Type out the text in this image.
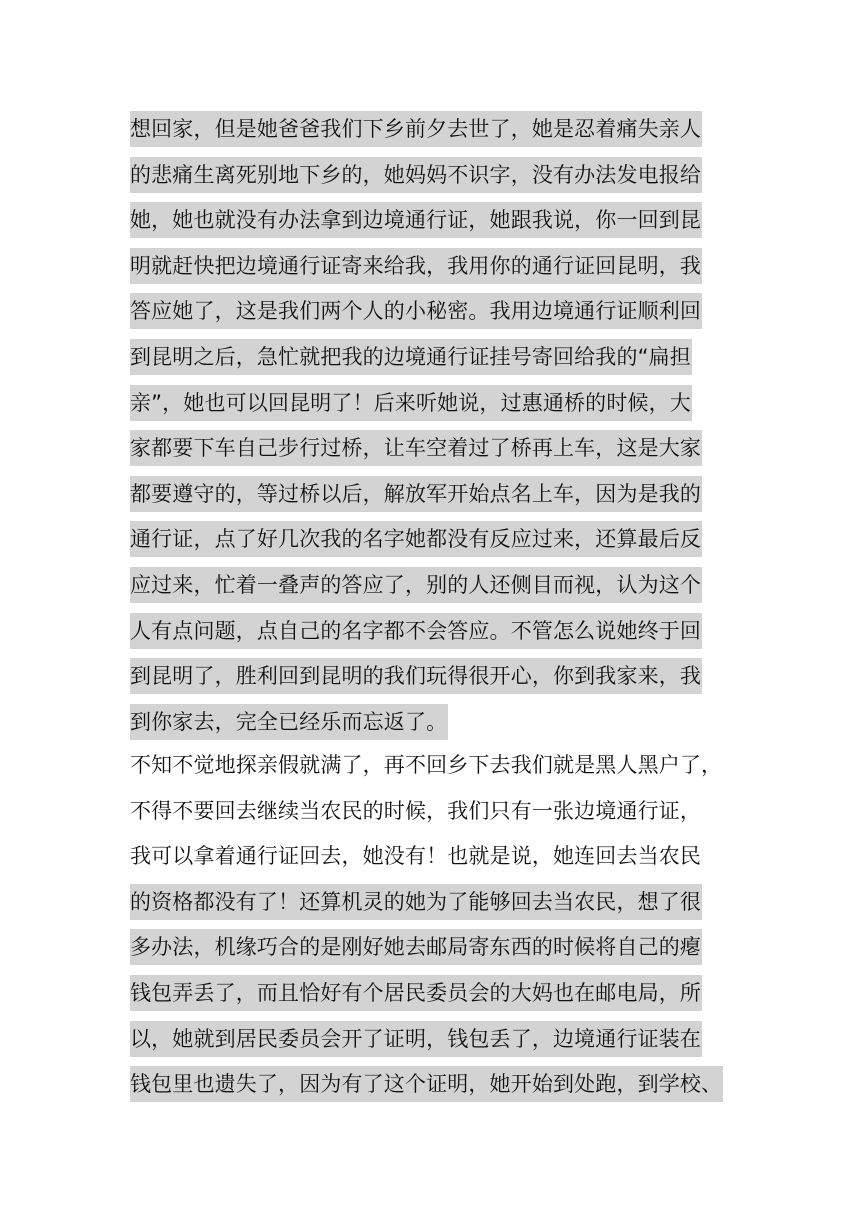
想回家，但是她爸爸我们下乡前夕去世了，她是忍着痛失亲人
的悲痛生离死别地下乡的，她妈妈不识字，没有办法发电报给
她，她也就没有办法拿到边境通行证，她跟我说，你一回到昆
明就赶快把边境通行证寄来给我，我用你的通行证回昆明，我
答应她了，这是我们两个人的小秘密。我用边境通行证顺利回
到昆明之后，急忙就把我的边境通行证挂号寄回给我的“扁担
亲”，她也可以回昆明了！后来听她说，过惠通桥的时候，大
家都要下车自己步行过桥，让车空着过了桥再上车，这是大家
都要遵守的，等过桥以后，解放军开始点名上车，因为是我的
通行证，点了好几次我的名字她都没有反应过来，还算最后反
应过来，忙着一叠声的答应了，别的人还侧目而视，认为这个
人有点问题，点自己的名字都不会答应。不管怎么说她终于回
到昆明了，胜利回到昆明的我们玩得很开心，你到我家来，我
到你家去，完全已经乐而忘返了。
不知不觉地探亲假就满了，再不回乡下去我们就是黑人黑户了，
不得不要回去继续当农民的时候，我们只有一张边境通行证，
我可以拿着通行证回去，她没有！也就是说，她连回去当农民
的资格都没有了！还算机灵的她为了能够回去当农民，想了很
多办法，机缘巧合的是刚好她去邮局寄东西的时候将自己的瘪
钱包弄丢了，而且恰好有个居民委员会的大妈也在邮电局，所
以，她就到居民委员会开了证明，钱包丢了，边境通行证装在
钱包里也遗失了，因为有了这个证明，她开始到处跑，到学校、
